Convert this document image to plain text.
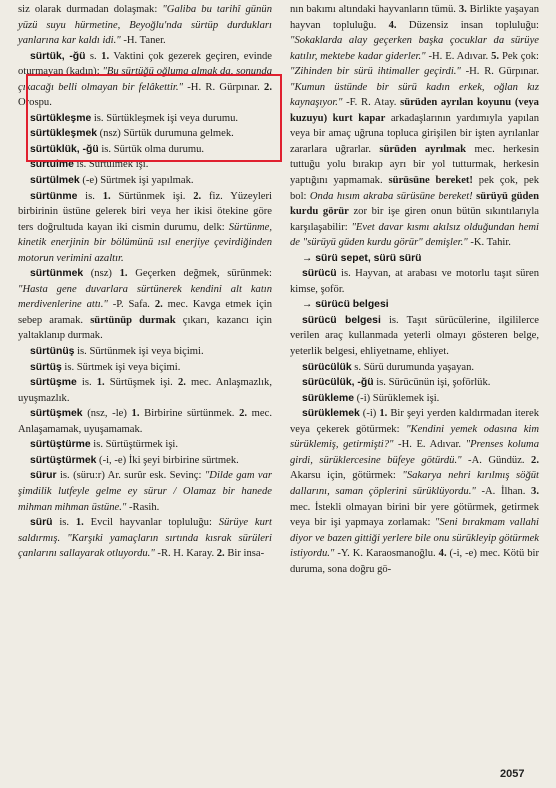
siz olarak durmadan dolaşmak: "Galiba bu tarihî günün yüzü suyu hürmetine, Beyoğlu'nda sürtüp durdukları yanlarına kar kaldı idi." -H. Taner.

sürtük, -ğü s. 1. Vaktini çok gezerek geçiren, evinde oturmayan (kadın): "Bu sürtüğü oğluma almak da, sonunda çıkacağı belli olmayan bir felâkettir." -H. R. Gürpınar. 2. Orospu.

sürtükleşme is. Sürtükleşmek işi veya durumu.

sürtükleşmek (nsz) Sürtük durumuna gelmek.

sürtüklük, -ğü is. Sürtük olma durumu.

sürtülme is. Sürtülmek işi.

sürtülmek (-e) Sürtmek işi yapılmak.

sürtünme is. 1. Sürtünmek işi. 2. fiz. Yüzeyleri birbirinin üstüne gelerek biri veya her ikisi ötekine göre ters doğrultuda kayan iki cismin durumu, delk: Sürtünme, kinetik enerjinin bir bölümünü ısıl enerjiye çevirdiğinden motorun verimini azaltır.

sürtünmek (nsz) 1. Geçerken değmek, sürünmek: "Hasta gene duvarlara sürtünerek kendini alt katın merdivenlerine attı." -P. Safa. 2. mec. Kavga etmek için sebep aramak. sürtünüp durmak çıkarı, kazancı için yaltaklanıp durmak.

sürtünüş is. Sürtünmek işi veya biçimi.

sürtüş is. Sürtmek işi veya biçimi.

sürtüşme is. 1. Sürtüşmek işi. 2. mec. Anlaşmazlık, uyuşmazlık.

sürtüşmek (nsz, -le) 1. Birbirine sürtünmek. 2. mec. Anlaşamamak, uyuşamamak.

sürtüştürme is. Sürtüştürmek işi.

sürtüştürmek (-i, -e) İki şeyi birbirine sürtmek.

sürur is. (süru:r) Ar. surûr esk. Sevinç: "Dilde gam var şimdilik lutfeyle gelme ey sürur / Olamaz bir hanede mihman mihman üstüne." -Rasih.

sürü is. 1. Evcil hayvanlar topluluğu: Sürüye kurt saldırmış. "Karşıki yamaçların sırtında kısrak sürüleri çanlarını sallayarak otluyordu." -R. H. Karay. 2. Bir insa-

nın bakımı altındaki hayvanların tümü. 3. Birlikte yaşayan hayvan topluluğu. 4. Düzensiz insan topluluğu: "Sokaklarda alay geçerken başka çocuklar da sürüye katılır, mektebe kadar giderler." -H. E. Adıvar. 5. Pek çok: "Zihinden bir sürü ihtimaller geçirdi." -H. R. Gürpınar. "Kumun üstünde bir sürü kadın erkek, oğlan kız kaynaşıyor." -F. R. Atay. sürüden ayrılan koyunu (veya kuzuyu) kurt kapar arkadaşlarının yardımıyla yapılan veya bir amaç uğruna topluca girişilen bir işten ayrılanlar zararlara uğrarlar. sürüden ayrılmak mec. herkesin tuttuğu yolu bırakıp ayrı bir yol tutturmak, herkesin yaptığını yapmamak. sürüsüne bereket! pek çok, pek bol: Onda hısım akraba sürüsüne bereket! sürüyü güden kurdu görür zor bir işe giren onun bütün sıkıntılarıyla karşılaşabilir: "Evet davar kısmı akılsız olduğundan hemi de "sürüyü güden kurdu görür" demişler." -K. Tahir.

→ sürü sepet, sürü sürü

sürücü is. Hayvan, at arabası ve motorlu taşıt süren kimse, şoför.

→ sürücü belgesi

sürücü belgesi is. Taşıt sürücülerine, ilgililerce verilen araç kullanmada yeterli olmayı gösteren belge, yeterlik belgesi, ehliyetname, ehliyet.

sürücülük s. Sürü durumunda yaşayan.

sürücülük, -ğü is. Sürücünün işi, şoförlük.

sürükleme (-i) Sürüklemek işi.

sürüklemek (-i) 1. Bir şeyi yerden kaldırmadan iterek veya çekerek götürmek: "Kendini yemek odasına kim sürüklemiş, getirmişti?" -H. E. Adıvar. "Prenses koluma girdi, sürüklercesine büfeye götürdü." -A. Gündüz. 2. Akarsu için, götürmek: "Sakarya nehri kırılmış söğüt dallarını, saman çöplerini sürüklüyordu." -A. İlhan. 3. mec. İstekli olmayan birini bir yere götürmek, getirmek veya bir işi yapmaya zorlamak: "Seni bırakmam vallahi diyor ve bazen gittiği yerlere bile onu sürükleyip götürmek istiyordu." -Y. K. Karaosmanoğlu. 4. (-i, -e) mec. Kötü bir duruma, sona doğru gö-

2057
